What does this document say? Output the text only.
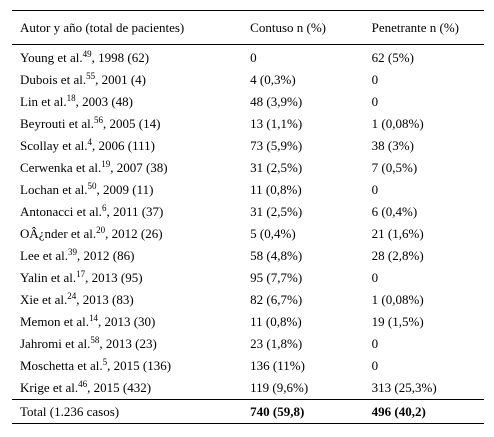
Autor y año (total de pacientes)	Contuso n (%)	Penetrante n (%)
Young et al.$^{49}$, 1998 (62)	0	62 (5%)
Dubois et al.$^{55}$, 2001 (4)	4 (0,3%)	0
Lin et al.$^{18}$, 2003 (48)	48 (3,9%)	0
Beyrouti et al.$^{56}$, 2005 (14)	13 (1,1%)	1 (0,08%)
Scollay et al.$^4$, 2006 (111)	73 (5,9%)	38 (3%)
Cerwenka et al.$^{19}$, 2007 (38)	31 (2,5%)	7 (0,5%)
Lochan et al.$^{50}$, 2009 (11)	11 (0,8%)	0
Antonacci et al.$^6$, 2011 (37)	31 (2,5%)	6 (0,4%)
OÂ¿nder et al.$^{20}$, 2012 (26)	5 (0,4%)	21 (1,6%)
Lee et al.$^{39}$, 2012 (86)	58 (4,8%)	28 (2,8%)
Yalin et al.$^{17}$, 2013 (95)	95 (7,7%)	0
Xie et al.$^{24}$, 2013 (83)	82 (6,7%)	1 (0,08%)
Memon et al.$^{14}$, 2013 (30)	11 (0,8%)	19 (1,5%)
Jahromi et al.$^{58}$, 2013 (23)	23 (1,8%)	0
Moschetta et al.$^5$, 2015 (136)	136 (11%)	0
Krige et al.$^{46}$, 2015 (432)	119 (9,6%)	313 (25,3%)
Total (1.236 casos)	740 (59,8)	496 (40,2)
